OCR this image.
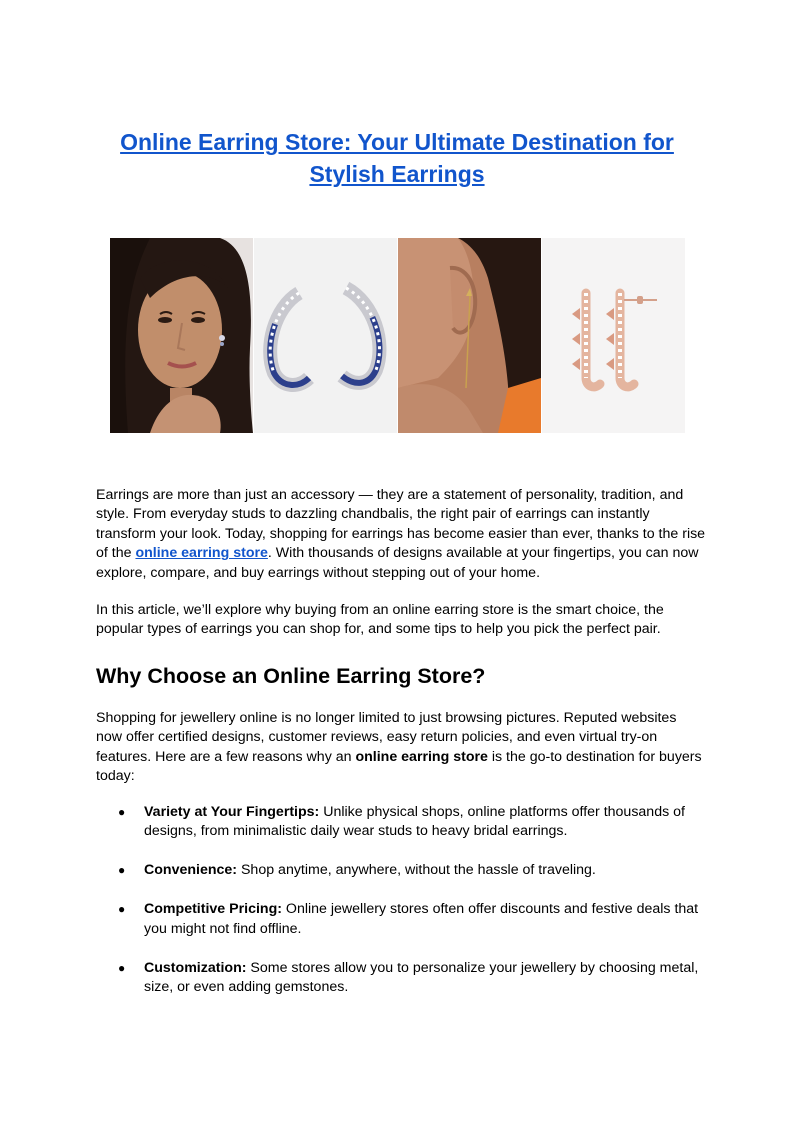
Online Earring Store: Your Ultimate Destination for
Stylish Earrings
Earrings are more than just an accessory — they are a statement of personality, tradition, and style. From everyday studs to dazzling chandbalis, the right pair of earrings can instantly transform your look. Today, shopping for earrings has become easier than ever, thanks to the rise of the online earring store. With thousands of designs available at your fingertips, you can now explore, compare, and buy earrings without stepping out of your home.
In this article, we’ll explore why buying from an online earring store is the smart choice, the popular types of earrings you can shop for, and some tips to help you pick the perfect pair.
Why Choose an Online Earring Store?
Shopping for jewellery online is no longer limited to just browsing pictures. Reputed websites now offer certified designs, customer reviews, easy return policies, and even virtual try-on features. Here are a few reasons why an online earring store is the go-to destination for buyers today:
● Variety at Your Fingertips: Unlike physical shops, online platforms offer thousands of designs, from minimalistic daily wear studs to heavy bridal earrings.
● Convenience: Shop anytime, anywhere, without the hassle of traveling.
● Competitive Pricing: Online jewellery stores often offer discounts and festive deals that you might not find offline.
● Customization: Some stores allow you to personalize your jewellery by choosing metal, size, or even adding gemstones.
